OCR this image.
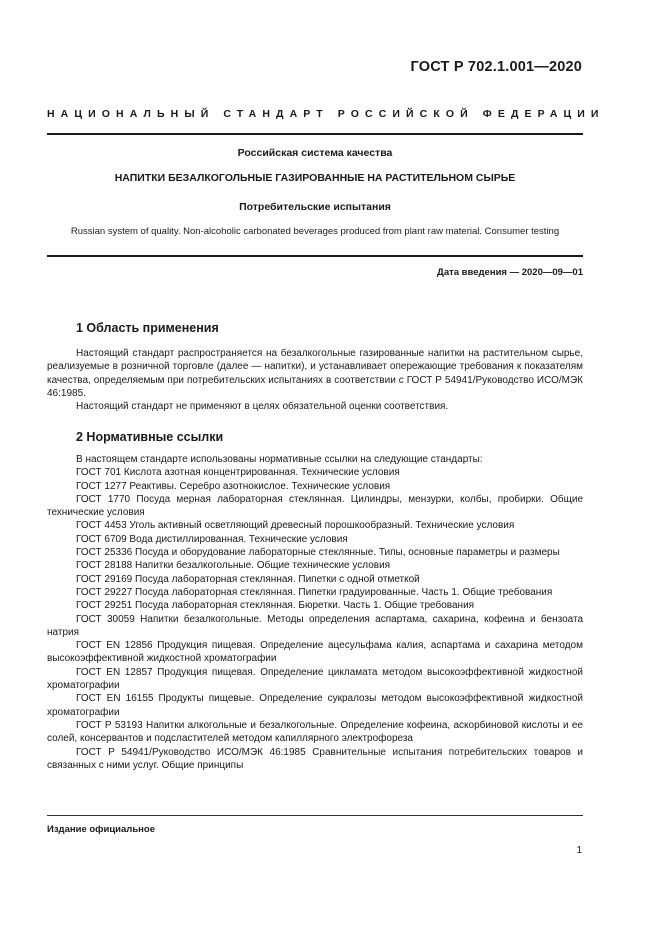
ГОСТ Р 702.1.001—2020
НАЦИОНАЛЬНЫЙ СТАНДАРТ РОССИЙСКОЙ ФЕДЕРАЦИИ
Российская система качества
НАПИТКИ БЕЗАЛКОГОЛЬНЫЕ ГАЗИРОВАННЫЕ НА РАСТИТЕЛЬНОМ СЫРЬЕ
Потребительские испытания
Russian system of quality. Non-alcoholic carbonated beverages produced from plant raw material. Consumer testing
Дата введения — 2020—09—01
1 Область применения

Настоящий стандарт распространяется на безалкогольные газированные напитки на растительном сырье, реализуемые в розничной торговле (далее — напитки), и устанавливает опережающие требования к показателям качества, определяемым при потребительских испытаниях в соответствии с ГОСТ Р 54941/Руководство ИСО/МЭК 46:1985.

Настоящий стандарт не применяют в целях обязательной оценки соответствия.

2 Нормативные ссылки

В настоящем стандарте использованы нормативные ссылки на следующие стандарты:

ГОСТ 701 Кислота азотная концентрированная. Технические условия

ГОСТ 1277 Реактивы. Серебро азотнокислое. Технические условия

ГОСТ 1770 Посуда мерная лабораторная стеклянная. Цилиндры, мензурки, колбы, пробирки. Общие технические условия

ГОСТ 4453 Уголь активный осветляющий древесный порошкообразный. Технические условия

ГОСТ 6709 Вода дистиллированная. Технические условия

ГОСТ 25336 Посуда и оборудование лабораторные стеклянные. Типы, основные параметры и размеры

ГОСТ 28188 Напитки безалкогольные. Общие технические условия

ГОСТ 29169 Посуда лабораторная стеклянная. Пипетки с одной отметкой

ГОСТ 29227 Посуда лабораторная стеклянная. Пипетки градуированные. Часть 1. Общие требования

ГОСТ 29251 Посуда лабораторная стеклянная. Бюретки. Часть 1. Общие требования

ГОСТ 30059 Напитки безалкогольные. Методы определения аспартама, сахарина, кофеина и бензоата натрия

ГОСТ EN 12856 Продукция пищевая. Определение ацесульфама калия, аспартама и сахарина методом высокоэффективной жидкостной хроматографии

ГОСТ EN 12857 Продукция пищевая. Определение цикламата методом высокоэффективной жидкостной хроматографии

ГОСТ EN 16155 Продукты пищевые. Определение сукралозы методом высокоэффективной жидкостной хроматографии

ГОСТ Р 53193 Напитки алкогольные и безалкогольные. Определение кофеина, аскорбиновой кислоты и ее солей, консервантов и подсластителей методом капиллярного электрофореза

ГОСТ Р 54941/Руководство ИСО/МЭК 46:1985 Сравнительные испытания потребительских товаров и связанных с ними услуг. Общие принципы

Издание официальное
1
